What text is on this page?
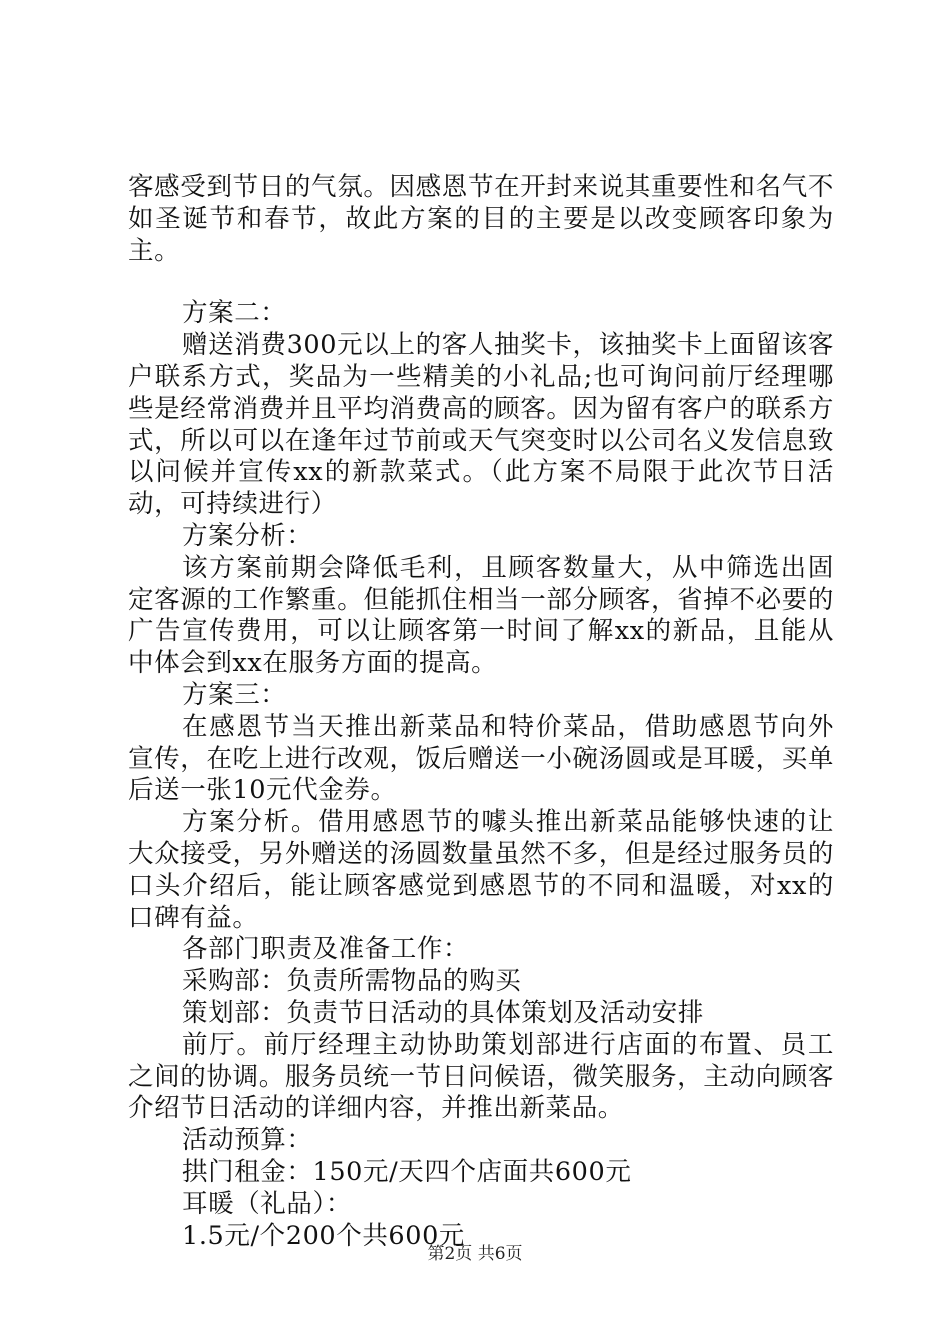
客感受到节日的气氛。因感恩节在开封来说其重要性和名气不如圣诞节和春节，故此方案的目的主要是以改变顾客印象为主。

方案二：

赠送消费300元以上的客人抽奖卡，该抽奖卡上面留该客户联系方式，奖品为一些精美的小礼品;也可询问前厅经理哪些是经常消费并且平均消费高的顾客。因为留有客户的联系方式，所以可以在逢年过节前或天气突变时以公司名义发信息致以问候并宣传xx的新款菜式。（此方案不局限于此次节日活动，可持续进行）

方案分析：

该方案前期会降低毛利，且顾客数量大，从中筛选出固定客源的工作繁重。但能抓住相当一部分顾客，省掉不必要的广告宣传费用，可以让顾客第一时间了解xx的新品，且能从中体会到xx在服务方面的提高。

方案三：

在感恩节当天推出新菜品和特价菜品，借助感恩节向外宣传，在吃上进行改观，饭后赠送一小碗汤圆或是耳暖，买单后送一张10元代金券。

方案分析。借用感恩节的噱头推出新菜品能够快速的让大众接受，另外赠送的汤圆数量虽然不多，但是经过服务员的口头介绍后，能让顾客感觉到感恩节的不同和温暖，对xx的口碑有益。

各部门职责及准备工作：

采购部：负责所需物品的购买

策划部：负责节日活动的具体策划及活动安排

前厅。前厅经理主动协助策划部进行店面的布置、员工之间的协调。服务员统一节日问候语，微笑服务，主动向顾客介绍节日活动的详细内容，并推出新菜品。

活动预算：

拱门租金：150元/天四个店面共600元

耳暖（礼品）：

1.5元/个200个共600元

第2页 共6页
